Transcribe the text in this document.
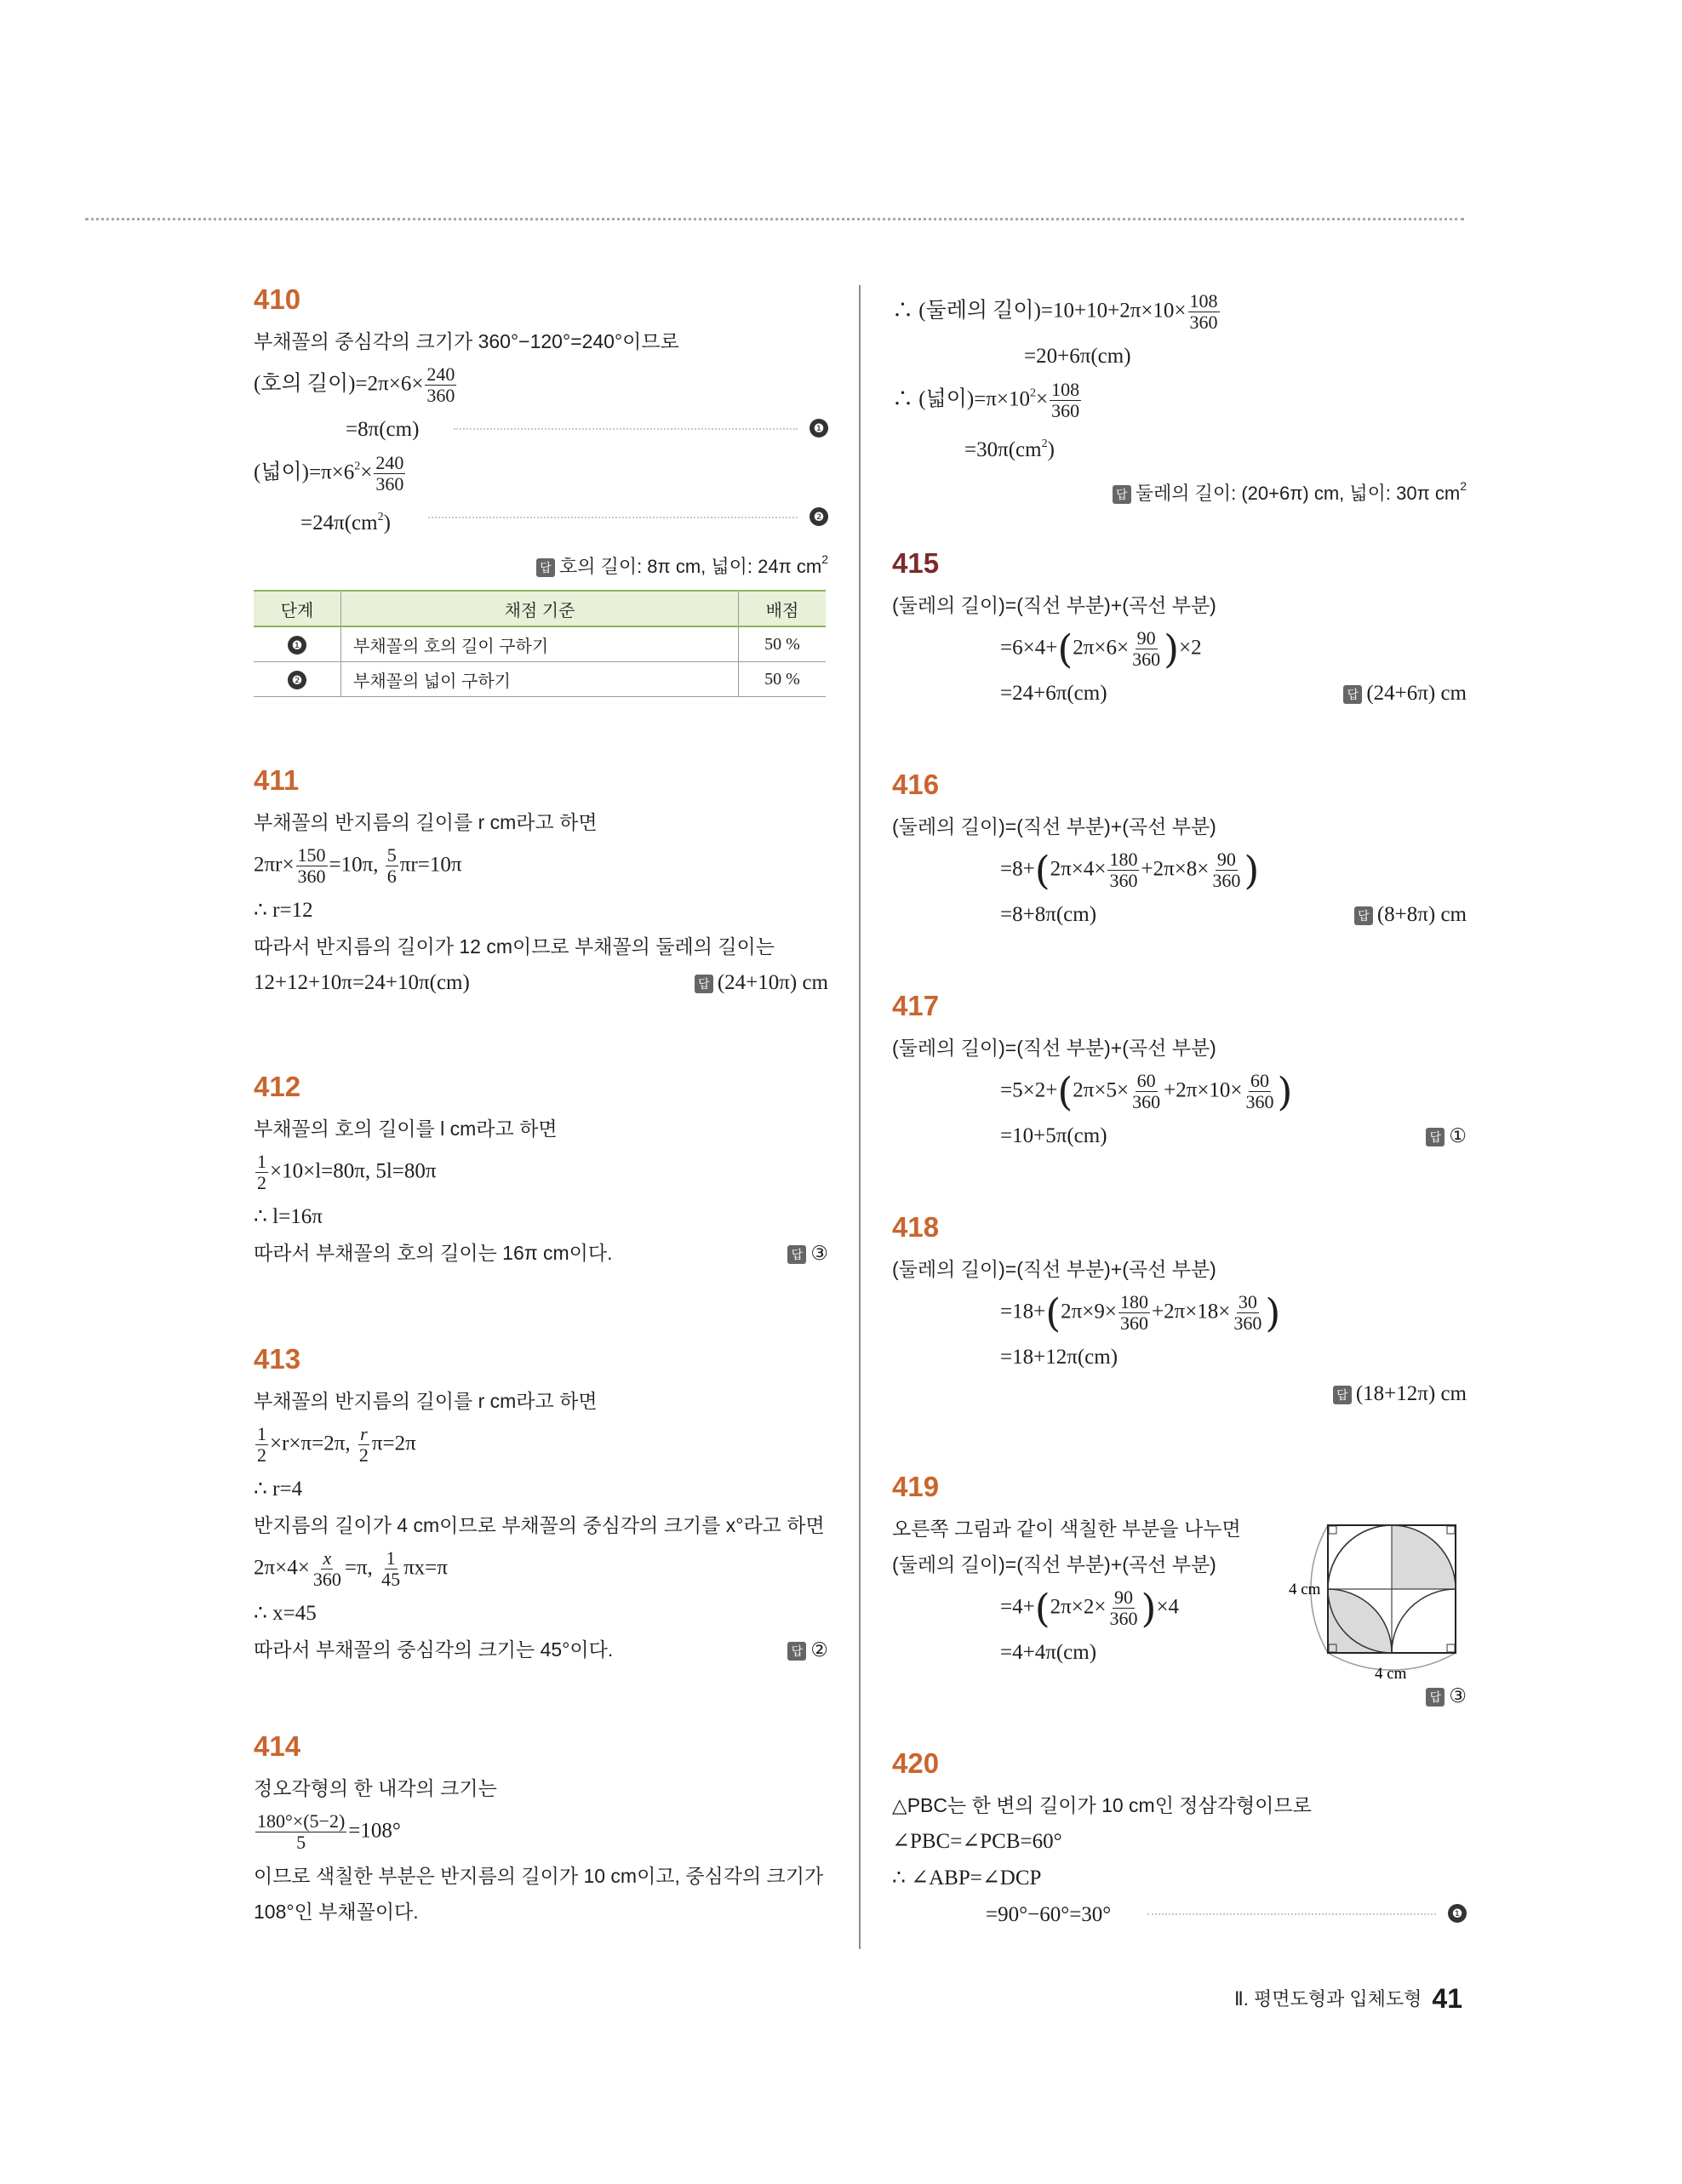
410
부채꼴의 중심각의 크기가 360°−120°=240°이므로
(호의 길이)$=2\pi\times 6\times \frac{240}{360}$
=8π(cm)	❶
(넓이)$=\pi\times 6^2\times \frac{240}{360}$
$=24\pi(cm^2)$	❷
답 호의 길이: 8π cm, 넓이: 24π $cm^2$
단계	채점 기준	배점
❶	부채꼴의 호의 길이 구하기	50 %
❷	부채꼴의 넓이 구하기	50 %
411
부채꼴의 반지름의 길이를 r cm라고 하면
$2\pi r\times \frac{150}{360} =10\pi$, $\frac{5}{6} \pi r=10\pi$
∴ r=12
따라서 반지름의 길이가 12 cm이므로 부채꼴의 둘레의 길이는
12+12+10π=24+10π(cm)	답 (24+10π) cm
412
부채꼴의 호의 길이를 l cm라고 하면
$\frac{1}{2} \times 10\times l=80\pi$, 5l=80π
∴ l=16π
따라서 부채꼴의 호의 길이는 16π cm이다.	답 ③
413
부채꼴의 반지름의 길이를 r cm라고 하면
$\frac{1}{2} \times r\times\pi=2\pi$, $\frac{r}{2} \pi=2\pi$
∴ r=4
반지름의 길이가 4 cm이므로 부채꼴의 중심각의 크기를 x°라고 하면
$2\pi\times 4\times \frac{x}{360} =\pi$, $\frac{1}{45} \pi x=\pi$
∴ x=45
따라서 부채꼴의 중심각의 크기는 45°이다.	답 ②
414
정오각형의 한 내각의 크기는
$\frac{180^\circ\times(5-2)}{5} =108^\circ$
이므로 색칠한 부분은 반지름의 길이가 10 cm이고, 중심각의 크기가
108°인 부채꼴이다.
∴ (둘레의 길이)$=10+10+2\pi\times 10\times \frac{108}{360}$
=20+6π(cm)
∴ (넓이)$=\pi\times 10^2\times \frac{108}{360}$
$=30\pi(cm^2)$
답 둘레의 길이: (20+6π) cm, 넓이: 30π $cm^2$
415
(둘레의 길이)=(직선 부분)+(곡선 부분)
$=6\times 4+(2\pi\times 6\times \frac{90}{360} )\times 2$
=24+6π(cm)	답 (24+6π) cm
416
(둘레의 길이)=(직선 부분)+(곡선 부분)
$=8+(2\pi\times 4\times \frac{180}{360} +2\pi\times 8\times \frac{90}{360}$ )
=8+8π(cm)	답 (8+8π) cm
417
(둘레의 길이)=(직선 부분)+(곡선 부분)
$=5\times 2+(2\pi\times 5\times \frac{60}{360} +2\pi\times 10\times \frac{60}{360}$ )
=10+5π(cm)	답 ①
418
(둘레의 길이)=(직선 부분)+(곡선 부분)
$=18+(2\pi\times 9\times \frac{180}{360} +2\pi\times 18\times \frac{30}{360}$ )
=18+12π(cm)
답 (18+12π) cm
419
오른쪽 그림과 같이 색칠한 부분을 나누면
(둘레의 길이)=(직선 부분)+(곡선 부분)
$=4+(2\pi\times 2\times \frac{90}{360} )\times 4$
=4+4π(cm)
답 ③
4 cm
4 cm
420
△PBC는 한 변의 길이가 10 cm인 정삼각형이므로
∠PBC=∠PCB=60°
∴ ∠ABP=∠DCP
=90°−60°=30°	❶
Ⅱ. 평면도형과 입체도형 41
